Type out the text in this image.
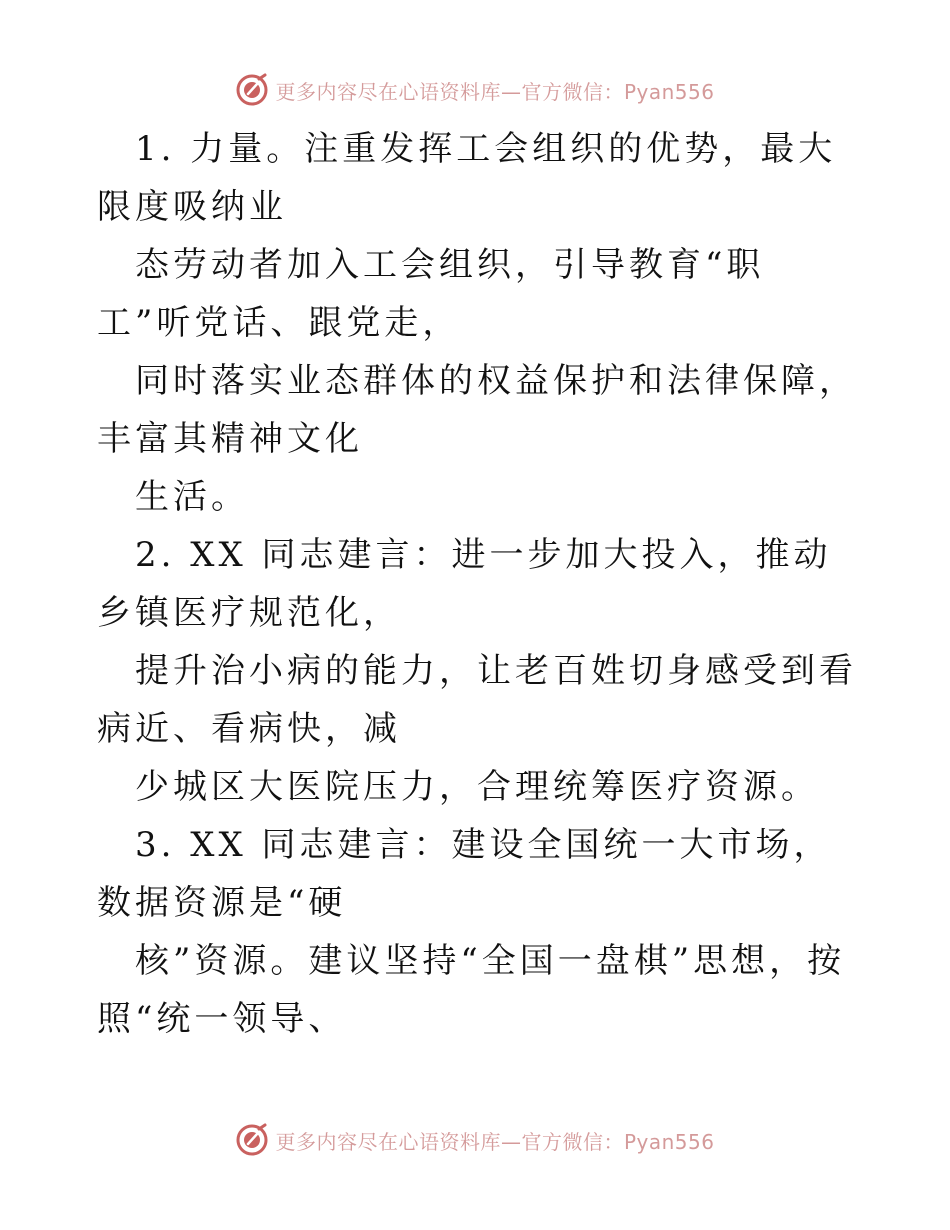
更多内容尽在心语资料库—官方微信：Pyan556

1. 力量。注重发挥工会组织的优势，最大限度吸纳业

态劳动者加入工会组织，引导教育“职工”听党话、跟党走，

同时落实业态群体的权益保护和法律保障，丰富其精神文化

生活。

2. XX 同志建言：进一步加大投入，推动乡镇医疗规范化，

提升治小病的能力，让老百姓切身感受到看病近、看病快，减

少城区大医院压力，合理统筹医疗资源。

3. XX 同志建言：建设全国统一大市场，数据资源是“硬

核”资源。建议坚持“全国一盘棋”思想，按照“统一领导、

更多内容尽在心语资料库—官方微信：Pyan556
